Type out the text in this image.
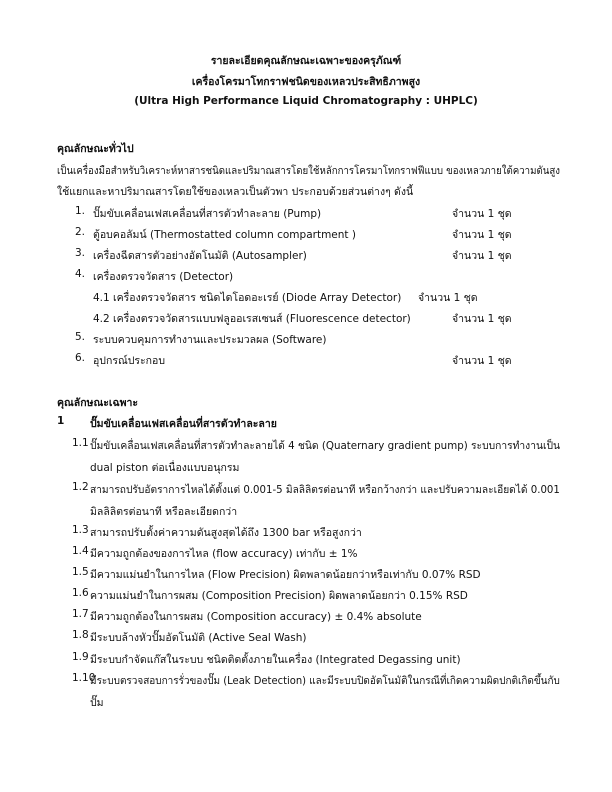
รายละเอียดคุณลักษณะเฉพาะของครุภัณฑ์
เครื่องโครมาโทกราฟชนิดของเหลวประสิทธิภาพสูง
(Ultra High Performance Liquid Chromatography : UHPLC)
คุณลักษณะทั่วไป
เป็นเครื่องมือสำหรับวิเคราะห์หาสารชนิดและปริมาณสารโดยใช้หลักการโครมาโทกราฟฟีแบบ ของเหลวภายใต้ความดันสูง
ใช้แยกและหาปริมาณสารโดยใช้ของเหลวเป็นตัวพา ประกอบด้วยส่วนต่างๆ ดังนี้
1. ปั๊มขับเคลื่อนเฟสเคลื่อนที่สารตัวทำละลาย (Pump)	จำนวน 1 ชุด
2. ตู้อบคอลัมน์ (Thermostatted column compartment )	จำนวน 1 ชุด
3. เครื่องฉีดสารตัวอย่างอัตโนมัติ (Autosampler)	จำนวน 1 ชุด
4. เครื่องตรวจวัดสาร (Detector)
4.1 เครื่องตรวจวัดสาร ชนิดไดโอดอะเรย์ (Diode Array Detector) จำนวน 1 ชุด
4.2 เครื่องตรวจวัดสารแบบฟลูออเรสเซนส์ (Fluorescence detector)	จำนวน 1 ชุด
5. ระบบควบคุมการทำงานและประมวลผล (Software)
6. อุปกรณ์ประกอบ	จำนวน 1 ชุด
คุณลักษณะเฉพาะ
1 ปั๊มขับเคลื่อนเฟสเคลื่อนที่สารตัวทำละลาย
1.1 ปั๊มขับเคลื่อนเฟสเคลื่อนที่สารตัวทำละลายได้ 4 ชนิด (Quaternary gradient pump) ระบบการทำงานเป็น
dual piston ต่อเนื่องแบบอนุกรม
1.2 สามารถปรับอัตราการไหลได้ตั้งแต่ 0.001-5 มิลลิลิตรต่อนาที หรือกว้างกว่า และปรับความละเอียดได้ 0.001
มิลลิลิตรต่อนาที หรือละเอียดกว่า
1.3 สามารถปรับตั้งค่าความดันสูงสุดได้ถึง 1300 bar หรือสูงกว่า
1.4 มีความถูกต้องของการไหล (flow accuracy) เท่ากับ ± 1%
1.5 มีความแม่นยำในการไหล (Flow Precision) ผิดพลาดน้อยกว่าหรือเท่ากับ 0.07% RSD
1.6 ความแม่นยำในการผสม (Composition Precision) ผิดพลาดน้อยกว่า 0.15% RSD
1.7 มีความถูกต้องในการผสม (Composition accuracy) ± 0.4% absolute
1.8 มีระบบล้างหัวปั๊มอัตโนมัติ (Active Seal Wash)
1.9 มีระบบกำจัดแก๊สในระบบ ชนิดติดตั้งภายในเครื่อง (Integrated Degassing unit)
1.10
มีระบบตรวจสอบการรั่วของปั๊ม (Leak Detection) และมีระบบปิดอัตโนมัติในกรณีที่เกิดความผิดปกติเกิดขึ้นกับ
ปั๊ม
